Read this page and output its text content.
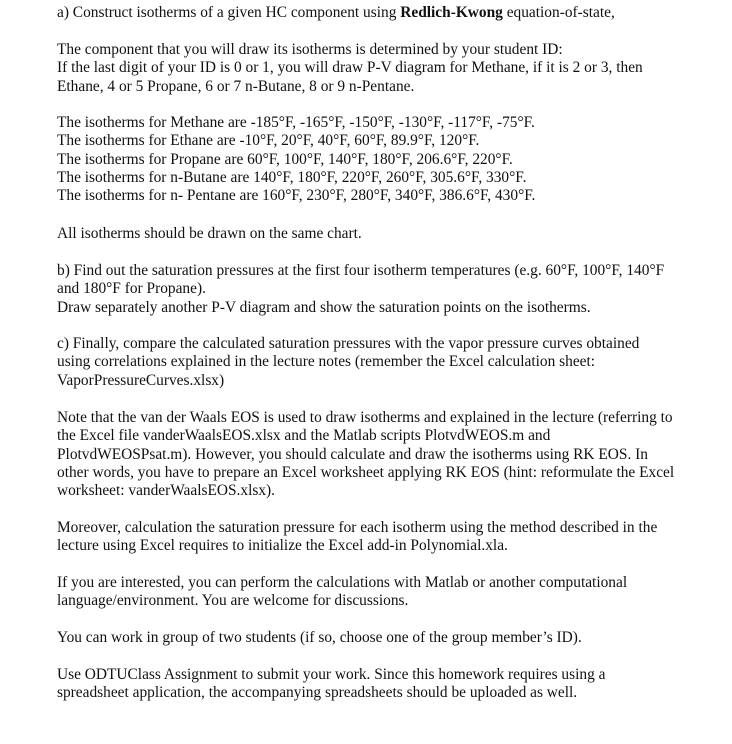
a) Construct isotherms of a given HC component using Redlich-Kwong equation-of-state,

The component that you will draw its isotherms is determined by your student ID:
If the last digit of your ID is 0 or 1, you will draw P-V diagram for Methane, if it is 2 or 3, then
Ethane, 4 or 5 Propane, 6 or 7 n-Butane, 8 or 9 n-Pentane.
The isotherms for Methane are -185°F, -165°F, -150°F, -130°F, -117°F, -75°F.
The isotherms for Ethane are -10°F, 20°F, 40°F, 60°F, 89.9°F, 120°F.
The isotherms for Propane are 60°F, 100°F, 140°F, 180°F, 206.6°F, 220°F.
The isotherms for n-Butane are 140°F, 180°F, 220°F, 260°F, 305.6°F, 330°F.
The isotherms for n- Pentane are 160°F, 230°F, 280°F, 340°F, 386.6°F, 430°F.
All isotherms should be drawn on the same chart.
b) Find out the saturation pressures at the first four isotherm temperatures (e.g. 60°F, 100°F, 140°F
and 180°F for Propane).
Draw separately another P-V diagram and show the saturation points on the isotherms.
c) Finally, compare the calculated saturation pressures with the vapor pressure curves obtained
using correlations explained in the lecture notes (remember the Excel calculation sheet:
VaporPressureCurves.xlsx)
Note that the van der Waals EOS is used to draw isotherms and explained in the lecture (referring to
the Excel file vanderWaalsEOS.xlsx and the Matlab scripts PlotvdWEOS.m and
PlotvdWEOSPsat.m). However, you should calculate and draw the isotherms using RK EOS. In
other words, you have to prepare an Excel worksheet applying RK EOS (hint: reformulate the Excel
worksheet: vanderWaalsEOS.xlsx).
Moreover, calculation the saturation pressure for each isotherm using the method described in the
lecture using Excel requires to initialize the Excel add-in Polynomial.xla.
If you are interested, you can perform the calculations with Matlab or another computational
language/environment. You are welcome for discussions.
You can work in group of two students (if so, choose one of the group member’s ID).
Use ODTUClass Assignment to submit your work. Since this homework requires using a
spreadsheet application, the accompanying spreadsheets should be uploaded as well.
